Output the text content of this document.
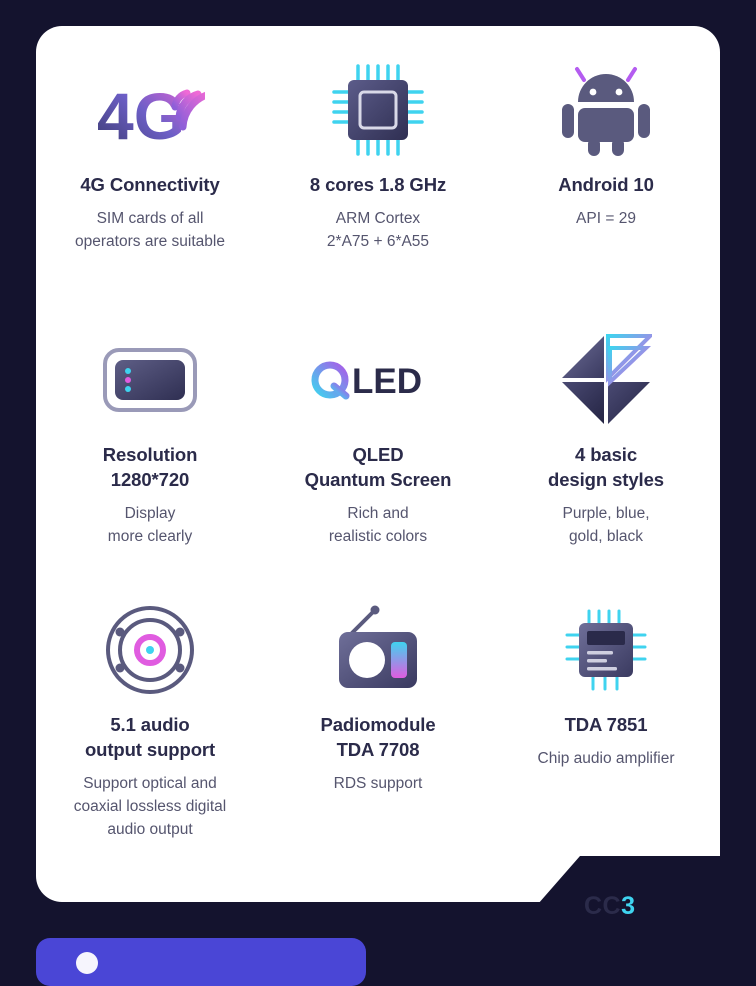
4G
4G Connectivity
SIM cards of all
operators are suitable
8 cores 1.8 GHz
ARM Cortex
2*A75 + 6*A55
Android 10
API = 29
Resolution
1280*720
Display
more clearly
LED
QLED
Quantum Screen
Rich and
realistic colors
4 basic
design styles
Purple, blue,
gold, black
5.1 audio
output support
Support optical and
coaxial lossless digital
audio output
Padiomodule
TDA 7708
RDS support
TDA 7851
Chip audio amplifier
CC3
